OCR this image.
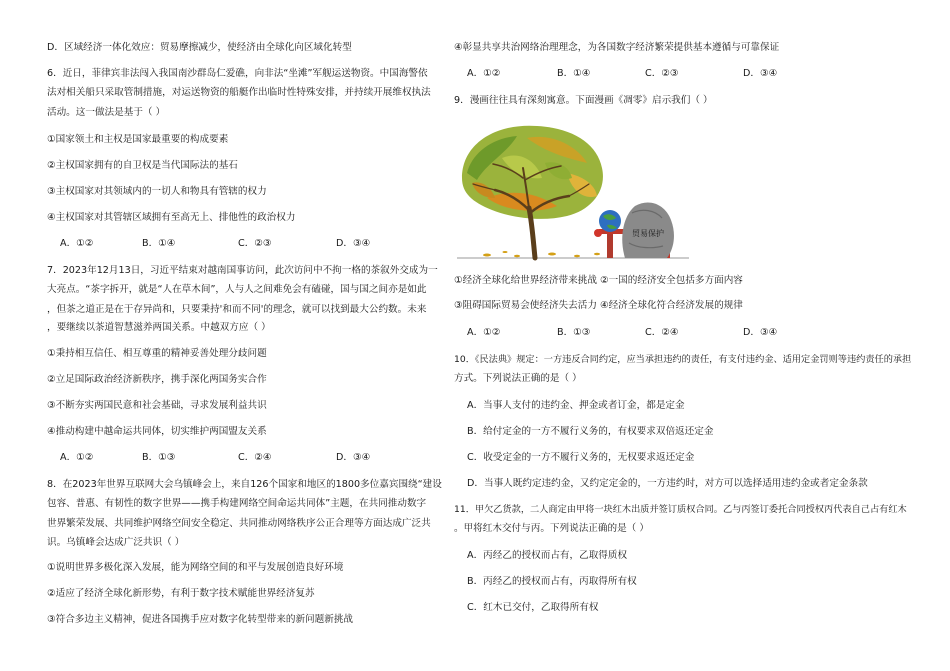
D．区域经济一体化效应：贸易摩擦减少，使经济由全球化向区域化转型
6．近日，菲律宾非法闯入我国南沙群岛仁爱礁，向非法“坐滩”军舰运送物资。中国海警依
法对相关船只采取管制措施，对运送物资的船艇作出临时性特殊安排，并持续开展维权执法
活动。这一做法是基于（ ）
①国家领土和主权是国家最重要的构成要素
②主权国家拥有的自卫权是当代国际法的基石
③主权国家对其领域内的一切人和物具有管辖的权力
④主权国家对其管辖区域拥有至高无上、排他性的政治权力
A．①②	B．①④	C．②③	D．③④
7．2023年12月13日，习近平结束对越南国事访问，此次访问中不拘一格的茶叙外交成为一
大亮点。“茶字拆开，就是“人在草木间”，人与人之间难免会有磕碰，国与国之间亦是如此
，但茶之道正是在于存异尚和，只要秉持'和而不同'的理念，就可以找到最大公约数。未来
，要继续以茶道智慧滋养两国关系。中越双方应（ ）
①秉持相互信任、相互尊重的精神妥善处理分歧问题
②立足国际政治经济新秩序，携手深化两国务实合作
③不断夯实两国民意和社会基础，寻求发展利益共识
④推动构建中越命运共同体，切实维护两国盟友关系
A．①②	B．①③	C．②④	D．③④
8．在2023年世界互联网大会乌镇峰会上，来自126个国家和地区的1800多位嘉宾围绕“建设
包容、普惠、有韧性的数字世界——携手构建网络空间命运共同体”主题，在共同推动数字
世界繁荣发展、共同维护网络空间安全稳定、共同推动网络秩序公正合理等方面达成广泛共
识。乌镇峰会达成广泛共识（ ）
①说明世界多极化深入发展，能为网络空间的和平与发展创造良好环境
②适应了经济全球化新形势，有利于数字技术赋能世界经济复苏
③符合多边主义精神，促进各国携手应对数字化转型带来的新问题新挑战
④彰显共享共治网络治理理念，为各国数字经济繁荣提供基本遵循与可靠保证
A．①②	B．①④	C．②③	D．③④
9．漫画往往具有深刻寓意。下面漫画《凋零》启示我们（ ）
①经济全球化给世界经济带来挑战 ②一国的经济安全包括多方面内容
③阻碍国际贸易会使经济失去活力 ④经济全球化符合经济发展的规律
A．①②	B．①③	C．②④	D．③④
10．《民法典》规定：一方违反合同约定，应当承担违约的责任，有支付违约金、适用定金罚则等违约责任的承担
方式。下列说法正确的是（ ）
A．当事人支付的违约金、押金或者订金，都是定金
B．给付定金的一方不履行义务的，有权要求双倍返还定金
C．收受定金的一方不履行义务的，无权要求返还定金
D．当事人既约定违约金，又约定定金的，一方违约时，对方可以选择适用违约金或者定金条款
11．甲欠乙货款，二人商定由甲将一块红木出质并签订质权合同。乙与丙签订委托合同授权丙代表自己占有红木
。甲将红木交付与丙。下列说法正确的是（ ）
A．丙经乙的授权而占有，乙取得质权
B．丙经乙的授权而占有，丙取得所有权
C．红木已交付，乙取得所有权
贸易保护
